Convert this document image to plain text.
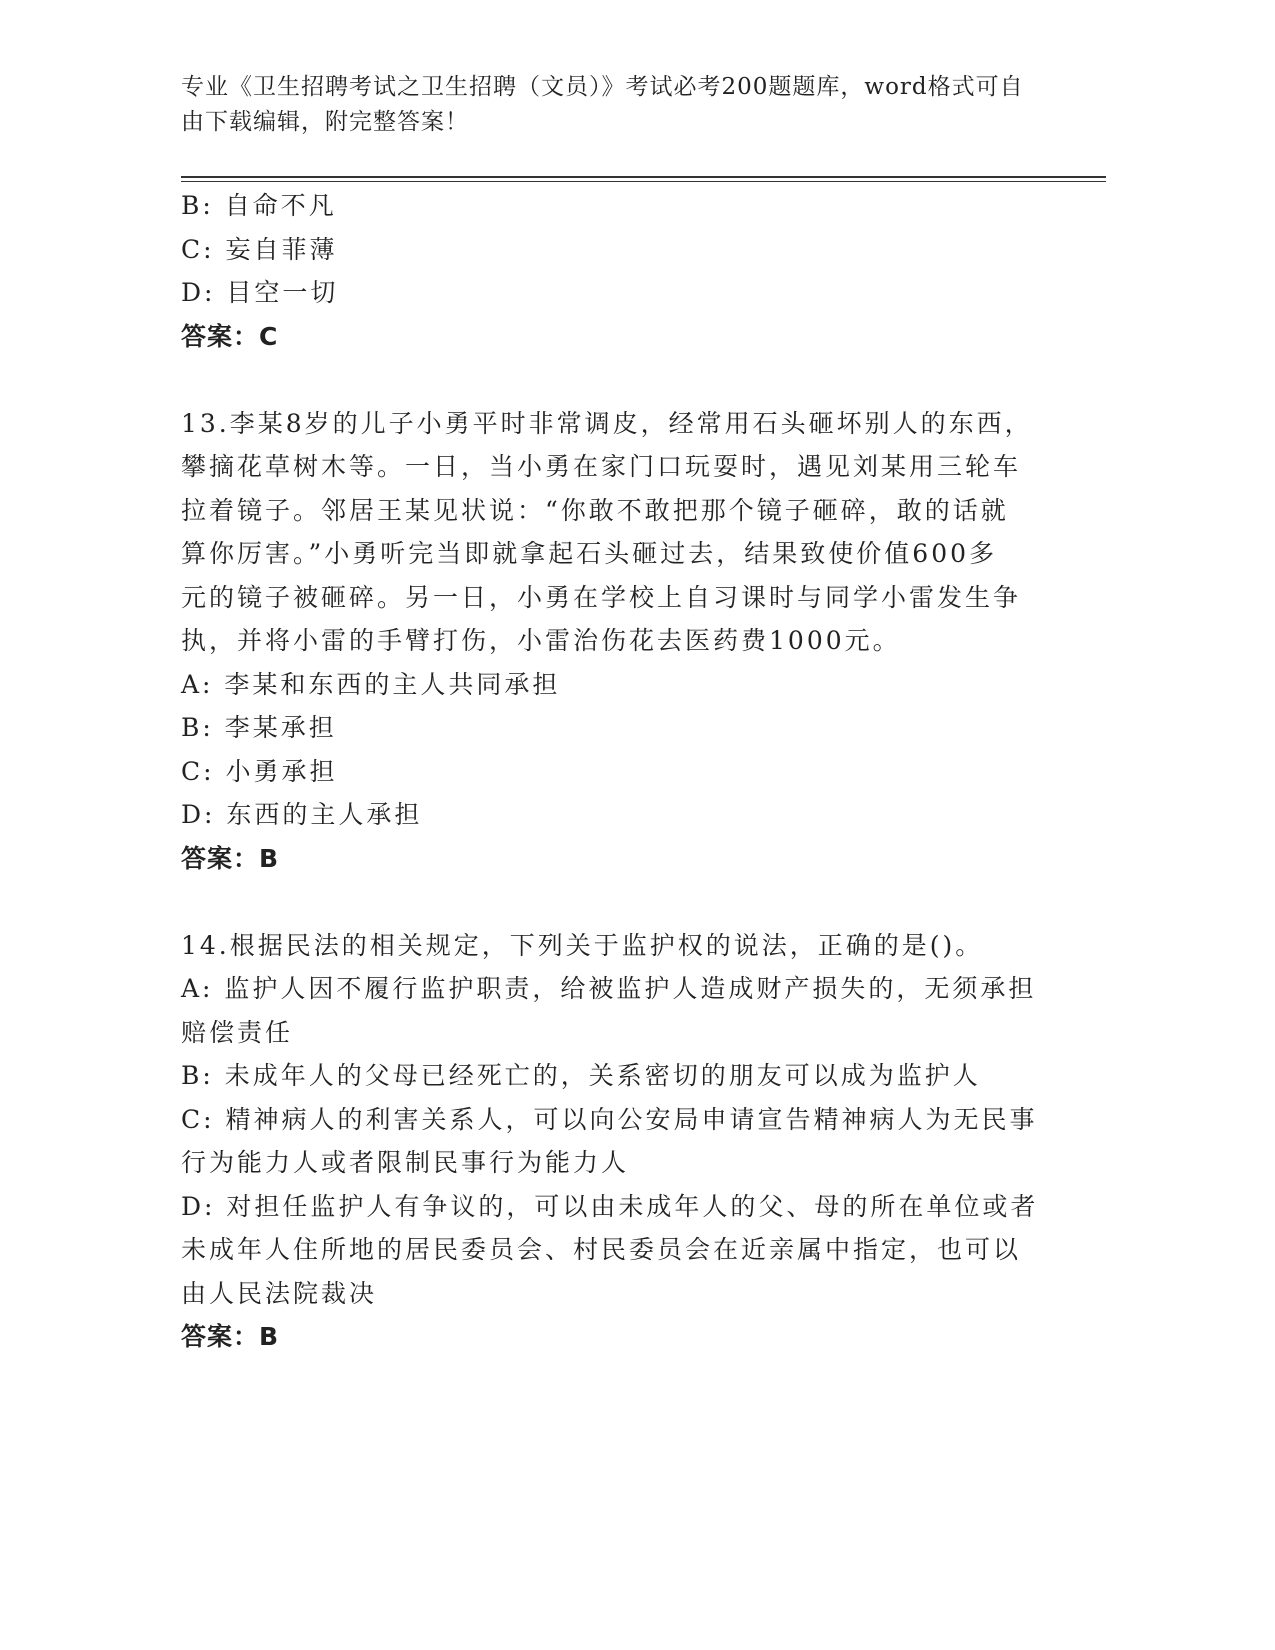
专业《卫生招聘考试之卫生招聘（文员）》考试必考200题题库，word格式可自
由下载编辑，附完整答案！
B: 自命不凡
C: 妄自菲薄
D: 目空一切
答案：C
13.李某8岁的儿子小勇平时非常调皮，经常用石头砸坏别人的东西，
攀摘花草树木等。一日，当小勇在家门口玩耍时，遇见刘某用三轮车
拉着镜子。邻居王某见状说：“你敢不敢把那个镜子砸碎，敢的话就
算你厉害。”小勇听完当即就拿起石头砸过去，结果致使价值600多
元的镜子被砸碎。另一日，小勇在学校上自习课时与同学小雷发生争
执，并将小雷的手臂打伤，小雷治伤花去医药费1000元。
A: 李某和东西的主人共同承担
B: 李某承担
C: 小勇承担
D: 东西的主人承担
答案：B
14.根据民法的相关规定，下列关于监护权的说法，正确的是()。
A: 监护人因不履行监护职责，给被监护人造成财产损失的，无须承担
赔偿责任
B: 未成年人的父母已经死亡的，关系密切的朋友可以成为监护人
C: 精神病人的利害关系人，可以向公安局申请宣告精神病人为无民事
行为能力人或者限制民事行为能力人
D: 对担任监护人有争议的，可以由未成年人的父、母的所在单位或者
未成年人住所地的居民委员会、村民委员会在近亲属中指定，也可以
由人民法院裁决
答案：B
